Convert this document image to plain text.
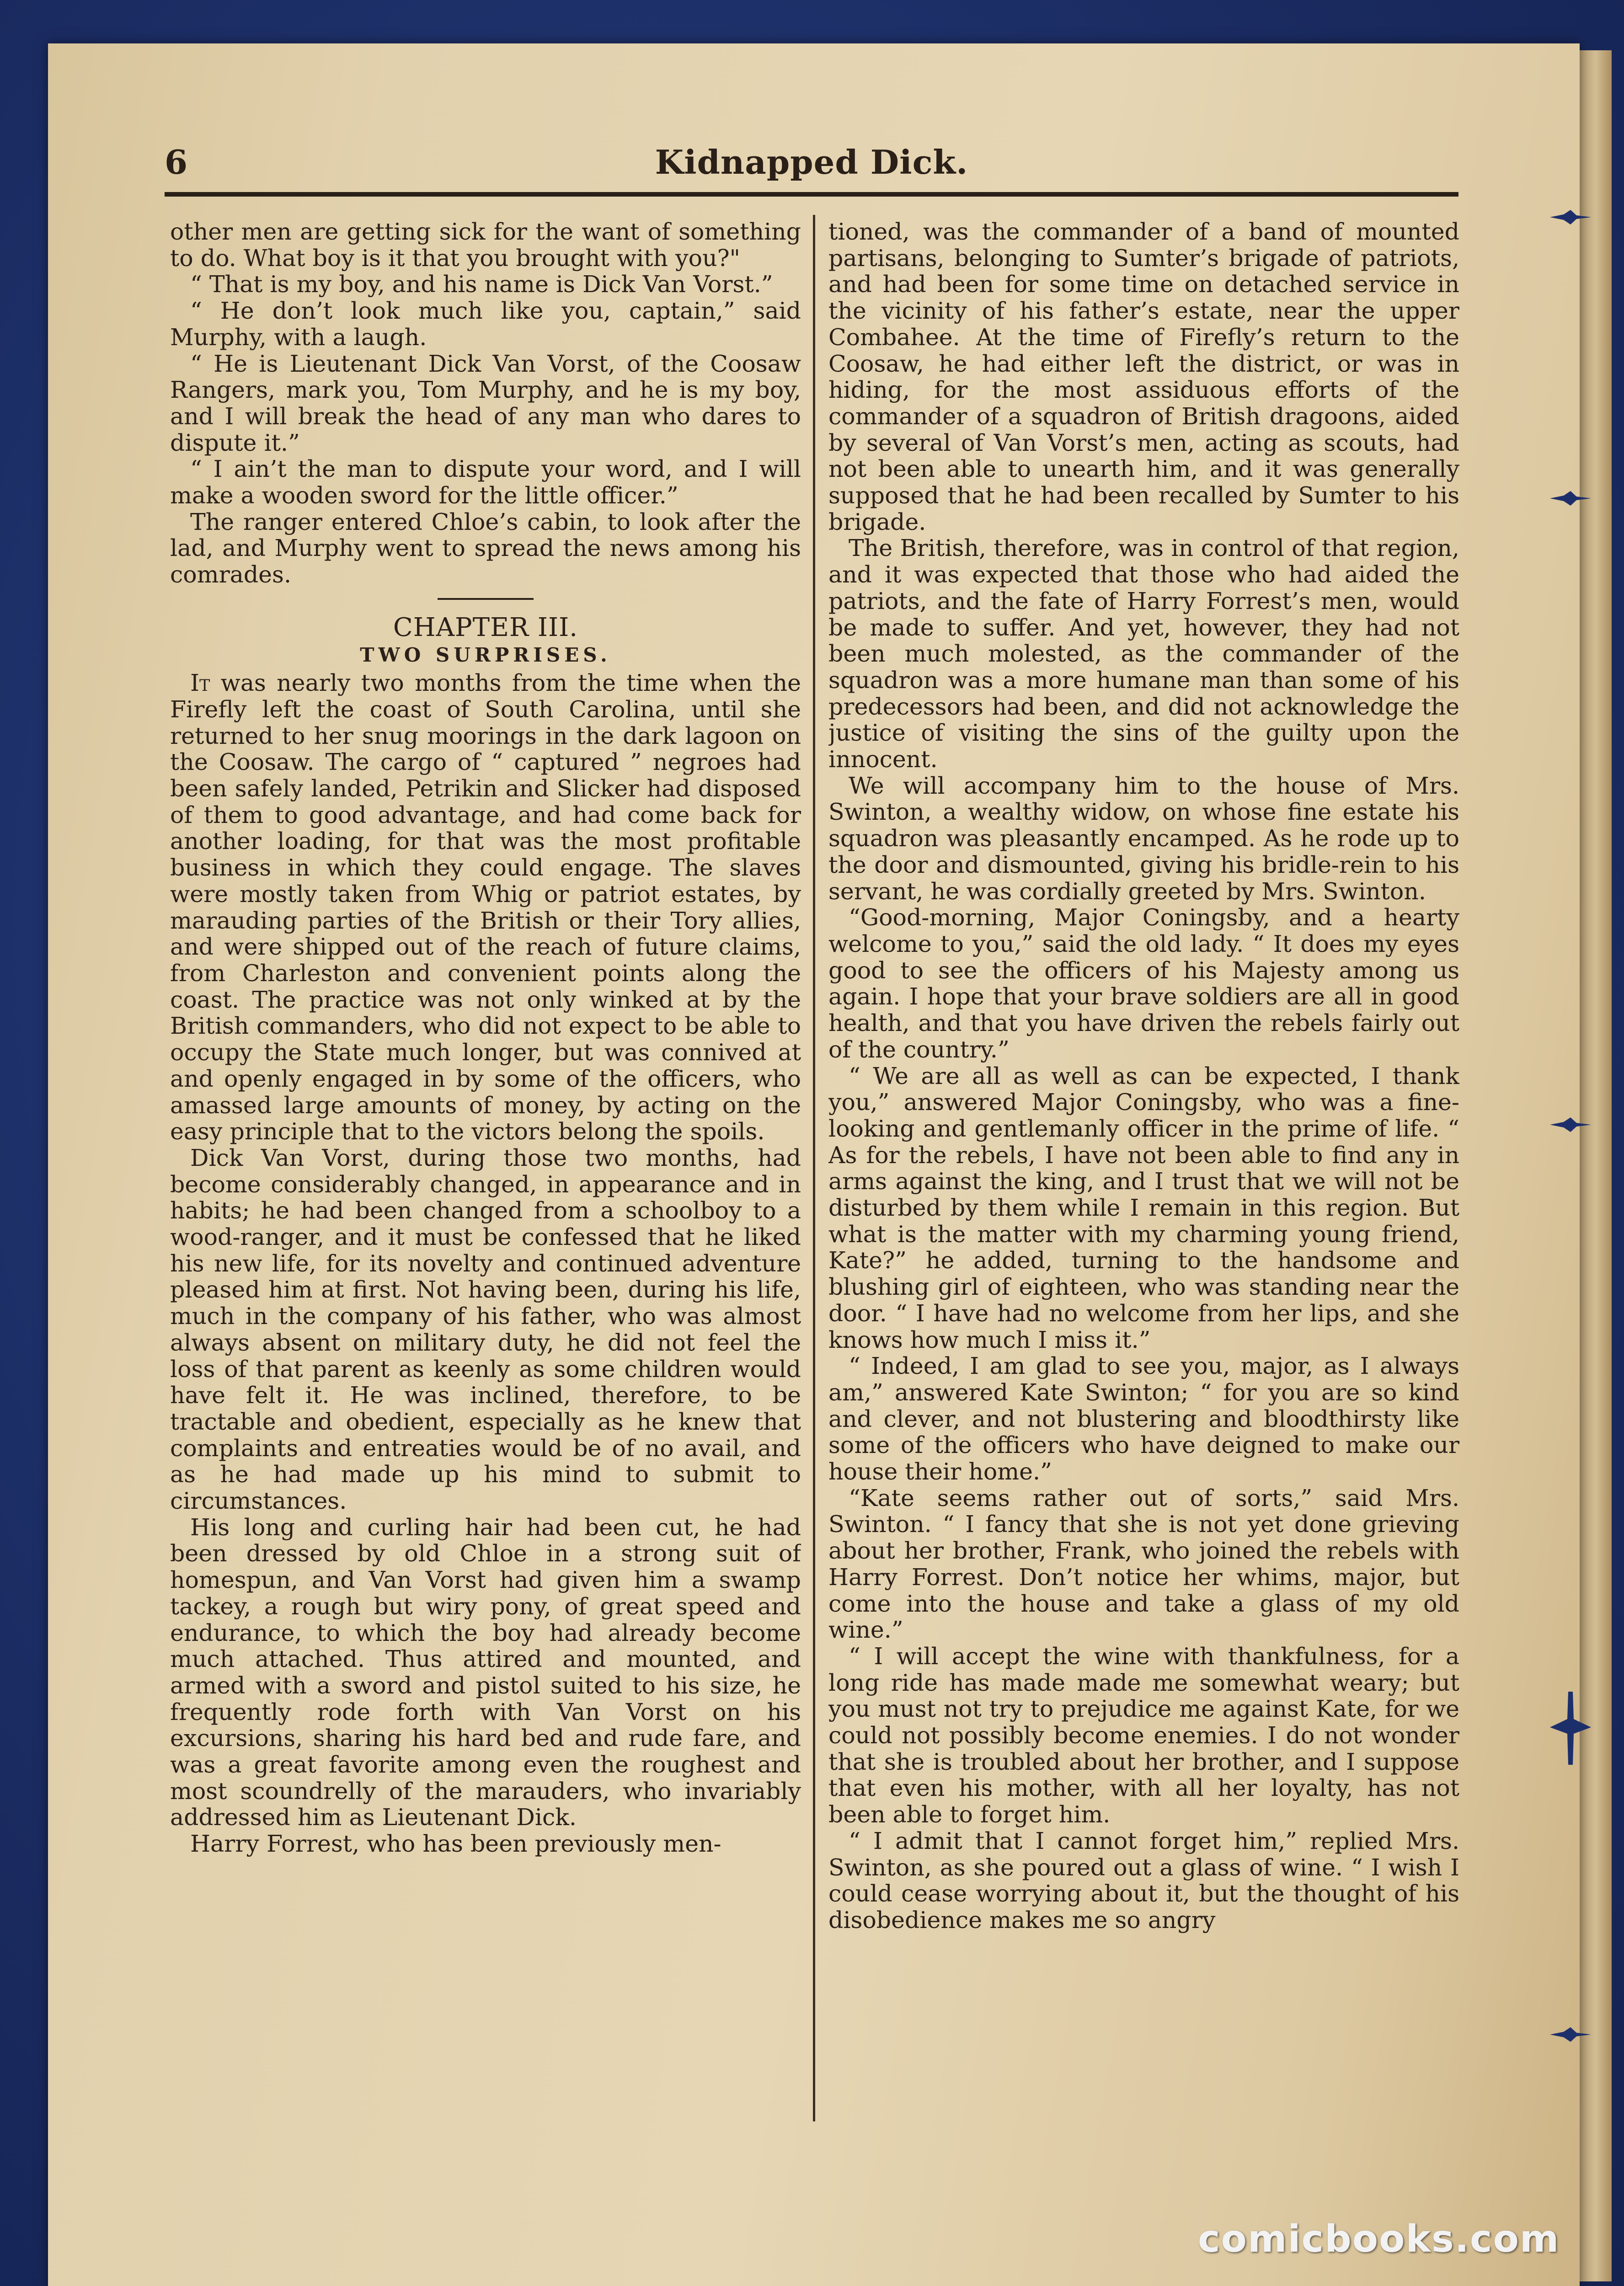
6	Kidnapped Dick.

other men are getting sick for the want of something to do. What boy is it that you brought with you?"

“ That is my boy, and his name is Dick Van Vorst.”

“ He don’t look much like you, captain,” said Murphy, with a laugh.

“ He is Lieutenant Dick Van Vorst, of the Coosaw Rangers, mark you, Tom Murphy, and he is my boy, and I will break the head of any man who dares to dispute it.”

“ I ain’t the man to dispute your word, and I will make a wooden sword for the little officer.”

The ranger entered Chloe’s cabin, to look after the lad, and Murphy went to spread the news among his comrades.

CHAPTER III.
TWO SURPRISES.

It was nearly two months from the time when the Firefly left the coast of South Carolina, until she returned to her snug moorings in the dark lagoon on the Coosaw. The cargo of “ captured ” negroes had been safely landed, Petrikin and Slicker had disposed of them to good advantage, and had come back for another loading, for that was the most profitable business in which they could engage. The slaves were mostly taken from Whig or patriot estates, by marauding parties of the British or their Tory allies, and were shipped out of the reach of future claims, from Charleston and convenient points along the coast. The practice was not only winked at by the British commanders, who did not expect to be able to occupy the State much longer, but was connived at and openly engaged in by some of the officers, who amassed large amounts of money, by acting on the easy principle that to the victors belong the spoils.

Dick Van Vorst, during those two months, had become considerably changed, in appearance and in habits; he had been changed from a schoolboy to a wood-ranger, and it must be confessed that he liked his new life, for its novelty and continued adventure pleased him at first. Not having been, during his life, much in the company of his father, who was almost always absent on military duty, he did not feel the loss of that parent as keenly as some children would have felt it. He was inclined, therefore, to be tractable and obedient, especially as he knew that complaints and entreaties would be of no avail, and as he had made up his mind to submit to circumstances.

His long and curling hair had been cut, he had been dressed by old Chloe in a strong suit of homespun, and Van Vorst had given him a swamp tackey, a rough but wiry pony, of great speed and endurance, to which the boy had already become much attached. Thus attired and mounted, and armed with a sword and pistol suited to his size, he frequently rode forth with Van Vorst on his excursions, sharing his hard bed and rude fare, and was a great favorite among even the roughest and most scoundrelly of the marauders, who invariably addressed him as Lieutenant Dick.

Harry Forrest, who has been previously men-

tioned, was the commander of a band of mounted partisans, belonging to Sumter’s brigade of patriots, and had been for some time on detached service in the vicinity of his father’s estate, near the upper Combahee. At the time of Firefly’s return to the Coosaw, he had either left the district, or was in hiding, for the most assiduous efforts of the commander of a squadron of British dragoons, aided by several of Van Vorst’s men, acting as scouts, had not been able to unearth him, and it was generally supposed that he had been recalled by Sumter to his brigade.

The British, therefore, was in control of that region, and it was expected that those who had aided the patriots, and the fate of Harry Forrest’s men, would be made to suffer. And yet, however, they had not been much molested, as the commander of the squadron was a more humane man than some of his predecessors had been, and did not acknowledge the justice of visiting the sins of the guilty upon the innocent.

We will accompany him to the house of Mrs. Swinton, a wealthy widow, on whose fine estate his squadron was pleasantly encamped. As he rode up to the door and dismounted, giving his bridle-rein to his servant, he was cordially greeted by Mrs. Swinton.

“Good-morning, Major Coningsby, and a hearty welcome to you,” said the old lady. “ It does my eyes good to see the officers of his Majesty among us again. I hope that your brave soldiers are all in good health, and that you have driven the rebels fairly out of the country.”

“ We are all as well as can be expected, I thank you,” answered Major Coningsby, who was a fine-looking and gentlemanly officer in the prime of life. “ As for the rebels, I have not been able to find any in arms against the king, and I trust that we will not be disturbed by them while I remain in this region. But what is the matter with my charming young friend, Kate?” he added, turning to the handsome and blushing girl of eighteen, who was standing near the door. “ I have had no welcome from her lips, and she knows how much I miss it.”

“ Indeed, I am glad to see you, major, as I always am,” answered Kate Swinton; “ for you are so kind and clever, and not blustering and bloodthirsty like some of the officers who have deigned to make our house their home.”

“Kate seems rather out of sorts,” said Mrs. Swinton. “ I fancy that she is not yet done grieving about her brother, Frank, who joined the rebels with Harry Forrest. Don’t notice her whims, major, but come into the house and take a glass of my old wine.”

“ I will accept the wine with thankfulness, for a long ride has made made me somewhat weary; but you must not try to prejudice me against Kate, for we could not possibly become enemies. I do not wonder that she is troubled about her brother, and I suppose that even his mother, with all her loyalty, has not been able to forget him.

“ I admit that I cannot forget him,” replied Mrs. Swinton, as she poured out a glass of wine. “ I wish I could cease worrying about it, but the thought of his disobedience makes me so angry

comicbooks.com
